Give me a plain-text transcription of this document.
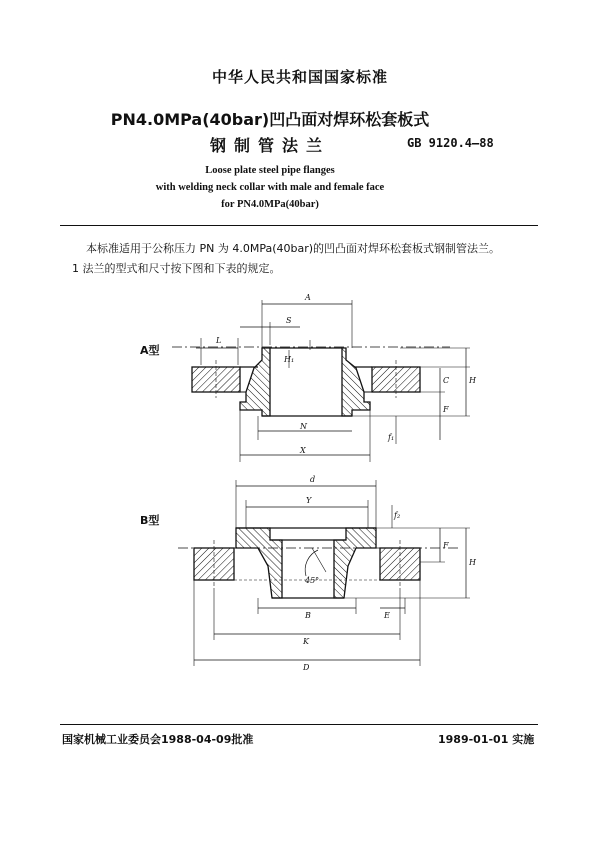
中华人民共和国国家标准
PN4.0MPa(40bar)凹凸面对焊环松套板式
钢制管法兰	GB 9120.4—88
Loose plate steel pipe flanges
with welding neck collar with male and female face
for PN4.0MPa(40bar)
本标准适用于公称压力 PN 为 4.0MPa(40bar)的凹凸面对焊环松套板式钢制管法兰。
1 法兰的型式和尺寸按下图和下表的规定。
A型
B型
A
S
L
H₁
C H
F
f₁
N
X
d
Y
f₂
F
H
45°
B	E
K
D
国家机械工业委员会1988-04-09批准	1989-01-01 实施
